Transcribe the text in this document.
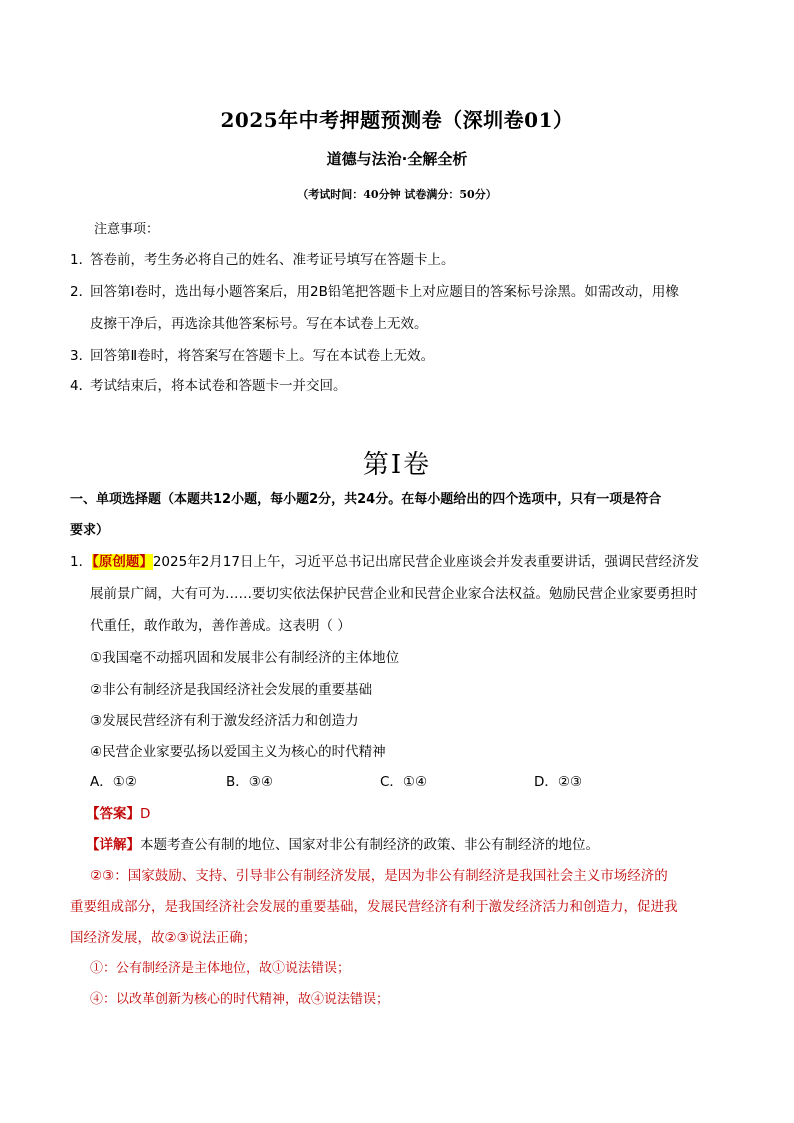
2025年中考押题预测卷（深圳卷01）
道德与法治·全解全析
（考试时间：40分钟 试卷满分：50分）
注意事项：
1．答卷前，考生务必将自己的姓名、准考证号填写在答题卡上。
2．回答第Ⅰ卷时，选出每小题答案后，用2B铅笔把答题卡上对应题目的答案标号涂黑。如需改动，用橡
皮擦干净后，再选涂其他答案标号。写在本试卷上无效。
3．回答第Ⅱ卷时，将答案写在答题卡上。写在本试卷上无效。
4．考试结束后，将本试卷和答题卡一并交回。
第Ⅰ卷
一、单项选择题（本题共12小题，每小题2分，共24分。在每小题给出的四个选项中，只有一项是符合
要求）
1．【原创题】2025年2月17日上午，习近平总书记出席民营企业座谈会并发表重要讲话，强调民营经济发
展前景广阔，大有可为……要切实依法保护民营企业和民营企业家合法权益。勉励民营企业家要勇担时
代重任，敢作敢为，善作善成。这表明（ ）
①我国毫不动摇巩固和发展非公有制经济的主体地位
②非公有制经济是我国经济社会发展的重要基础
③发展民营经济有利于激发经济活力和创造力
④民营企业家要弘扬以爱国主义为核心的时代精神
A．①②	B．③④	C．①④	D．②③
【答案】D
【详解】本题考查公有制的地位、国家对非公有制经济的政策、非公有制经济的地位。
②③：国家鼓励、支持、引导非公有制经济发展，是因为非公有制经济是我国社会主义市场经济的
重要组成部分，是我国经济社会发展的重要基础，发展民营经济有利于激发经济活力和创造力，促进我
国经济发展，故②③说法正确；
①：公有制经济是主体地位，故①说法错误；
④：以改革创新为核心的时代精神，故④说法错误；
